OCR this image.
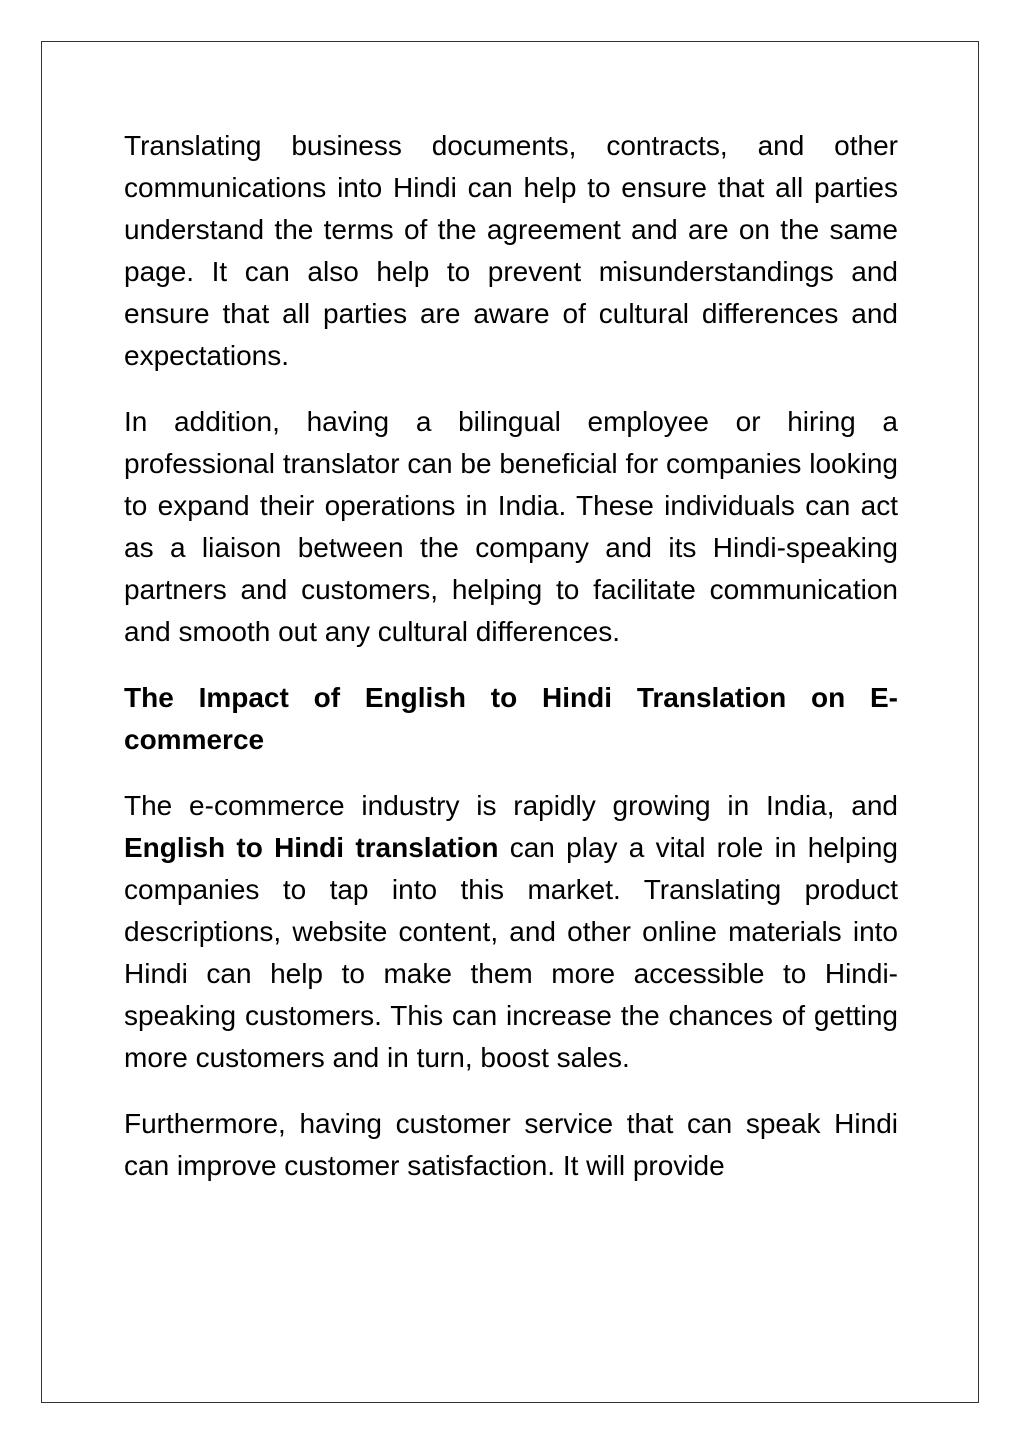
Translating business documents, contracts, and other communications into Hindi can help to ensure that all parties understand the terms of the agreement and are on the same page. It can also help to prevent misunderstandings and ensure that all parties are aware of cultural differences and expectations.

In addition, having a bilingual employee or hiring a professional translator can be beneficial for companies looking to expand their operations in India. These individuals can act as a liaison between the company and its Hindi-speaking partners and customers, helping to facilitate communication and smooth out any cultural differences.

The Impact of English to Hindi Translation on E-commerce

The e-commerce industry is rapidly growing in India, and English to Hindi translation can play a vital role in helping companies to tap into this market. Translating product descriptions, website content, and other online materials into Hindi can help to make them more accessible to Hindi-speaking customers. This can increase the chances of getting more customers and in turn, boost sales.

Furthermore, having customer service that can speak Hindi can improve customer satisfaction. It will provide
